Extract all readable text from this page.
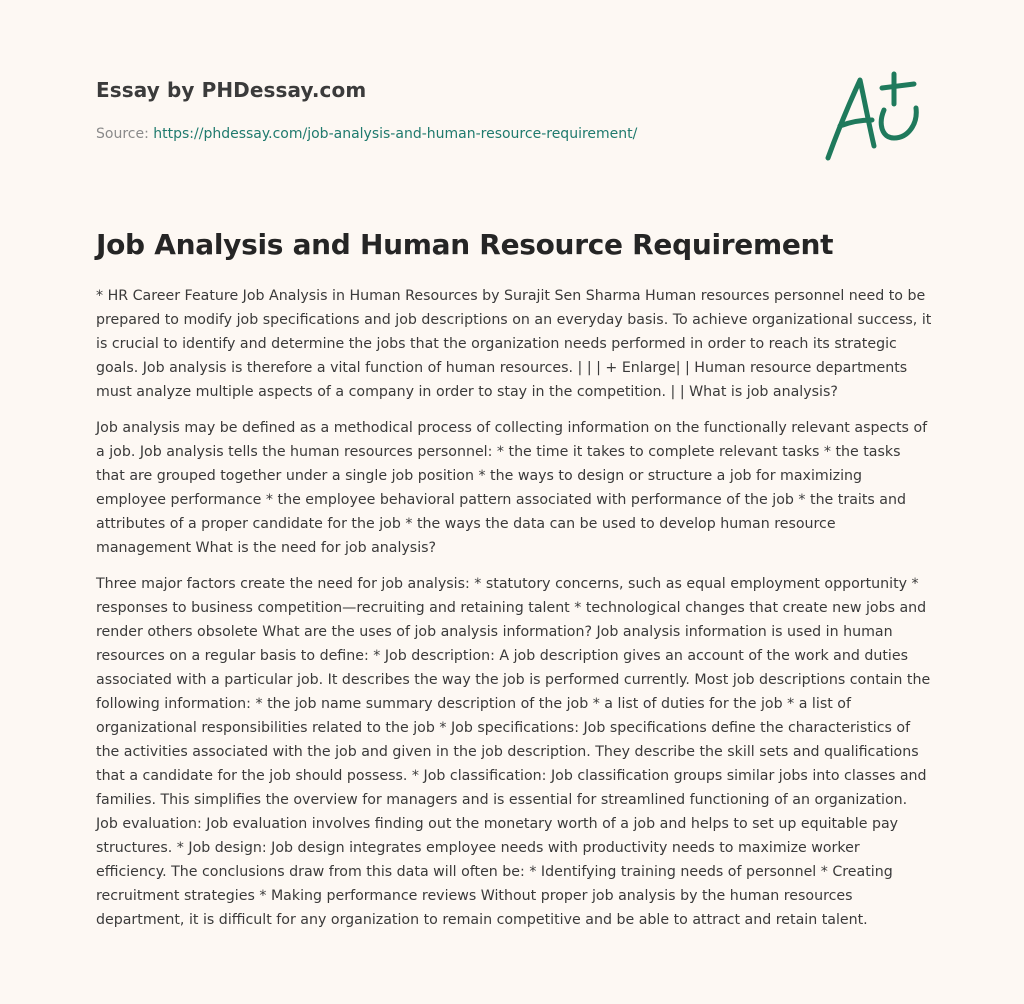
Essay by PHDessay.com
Source: https://phdessay.com/job-analysis-and-human-resource-requirement/
Job Analysis and Human Resource Requirement

* HR Career Feature Job Analysis in Human Resources by Surajit Sen Sharma Human resources personnel need to be prepared to modify job specifications and job descriptions on an everyday basis. To achieve organizational success, it is crucial to identify and determine the jobs that the organization needs performed in order to reach its strategic goals. Job analysis is therefore a vital function of human resources. | | | + Enlarge| | Human resource departments must analyze multiple aspects of a company in order to stay in the competition. | | What is job analysis?

Job analysis may be defined as a methodical process of collecting information on the functionally relevant aspects of a job. Job analysis tells the human resources personnel: * the time it takes to complete relevant tasks * the tasks that are grouped together under a single job position * the ways to design or structure a job for maximizing employee performance * the employee behavioral pattern associated with performance of the job * the traits and attributes of a proper candidate for the job * the ways the data can be used to develop human resource management What is the need for job analysis?

Three major factors create the need for job analysis: * statutory concerns, such as equal employment opportunity * responses to business competition—recruiting and retaining talent * technological changes that create new jobs and render others obsolete What are the uses of job analysis information? Job analysis information is used in human resources on a regular basis to define: * Job description: A job description gives an account of the work and duties associated with a particular job. It describes the way the job is performed currently. Most job descriptions contain the following information: * the job name summary description of the job * a list of duties for the job * a list of organizational responsibilities related to the job * Job specifications: Job specifications define the characteristics of the activities associated with the job and given in the job description. They describe the skill sets and qualifications that a candidate for the job should possess. * Job classification: Job classification groups similar jobs into classes and families. This simplifies the overview for managers and is essential for streamlined functioning of an organization. Job evaluation: Job evaluation involves finding out the monetary worth of a job and helps to set up equitable pay structures. * Job design: Job design integrates employee needs with productivity needs to maximize worker efficiency. The conclusions draw from this data will often be: * Identifying training needs of personnel * Creating recruitment strategies * Making performance reviews Without proper job analysis by the human resources department, it is difficult for any organization to remain competitive and be able to attract and retain talent.
